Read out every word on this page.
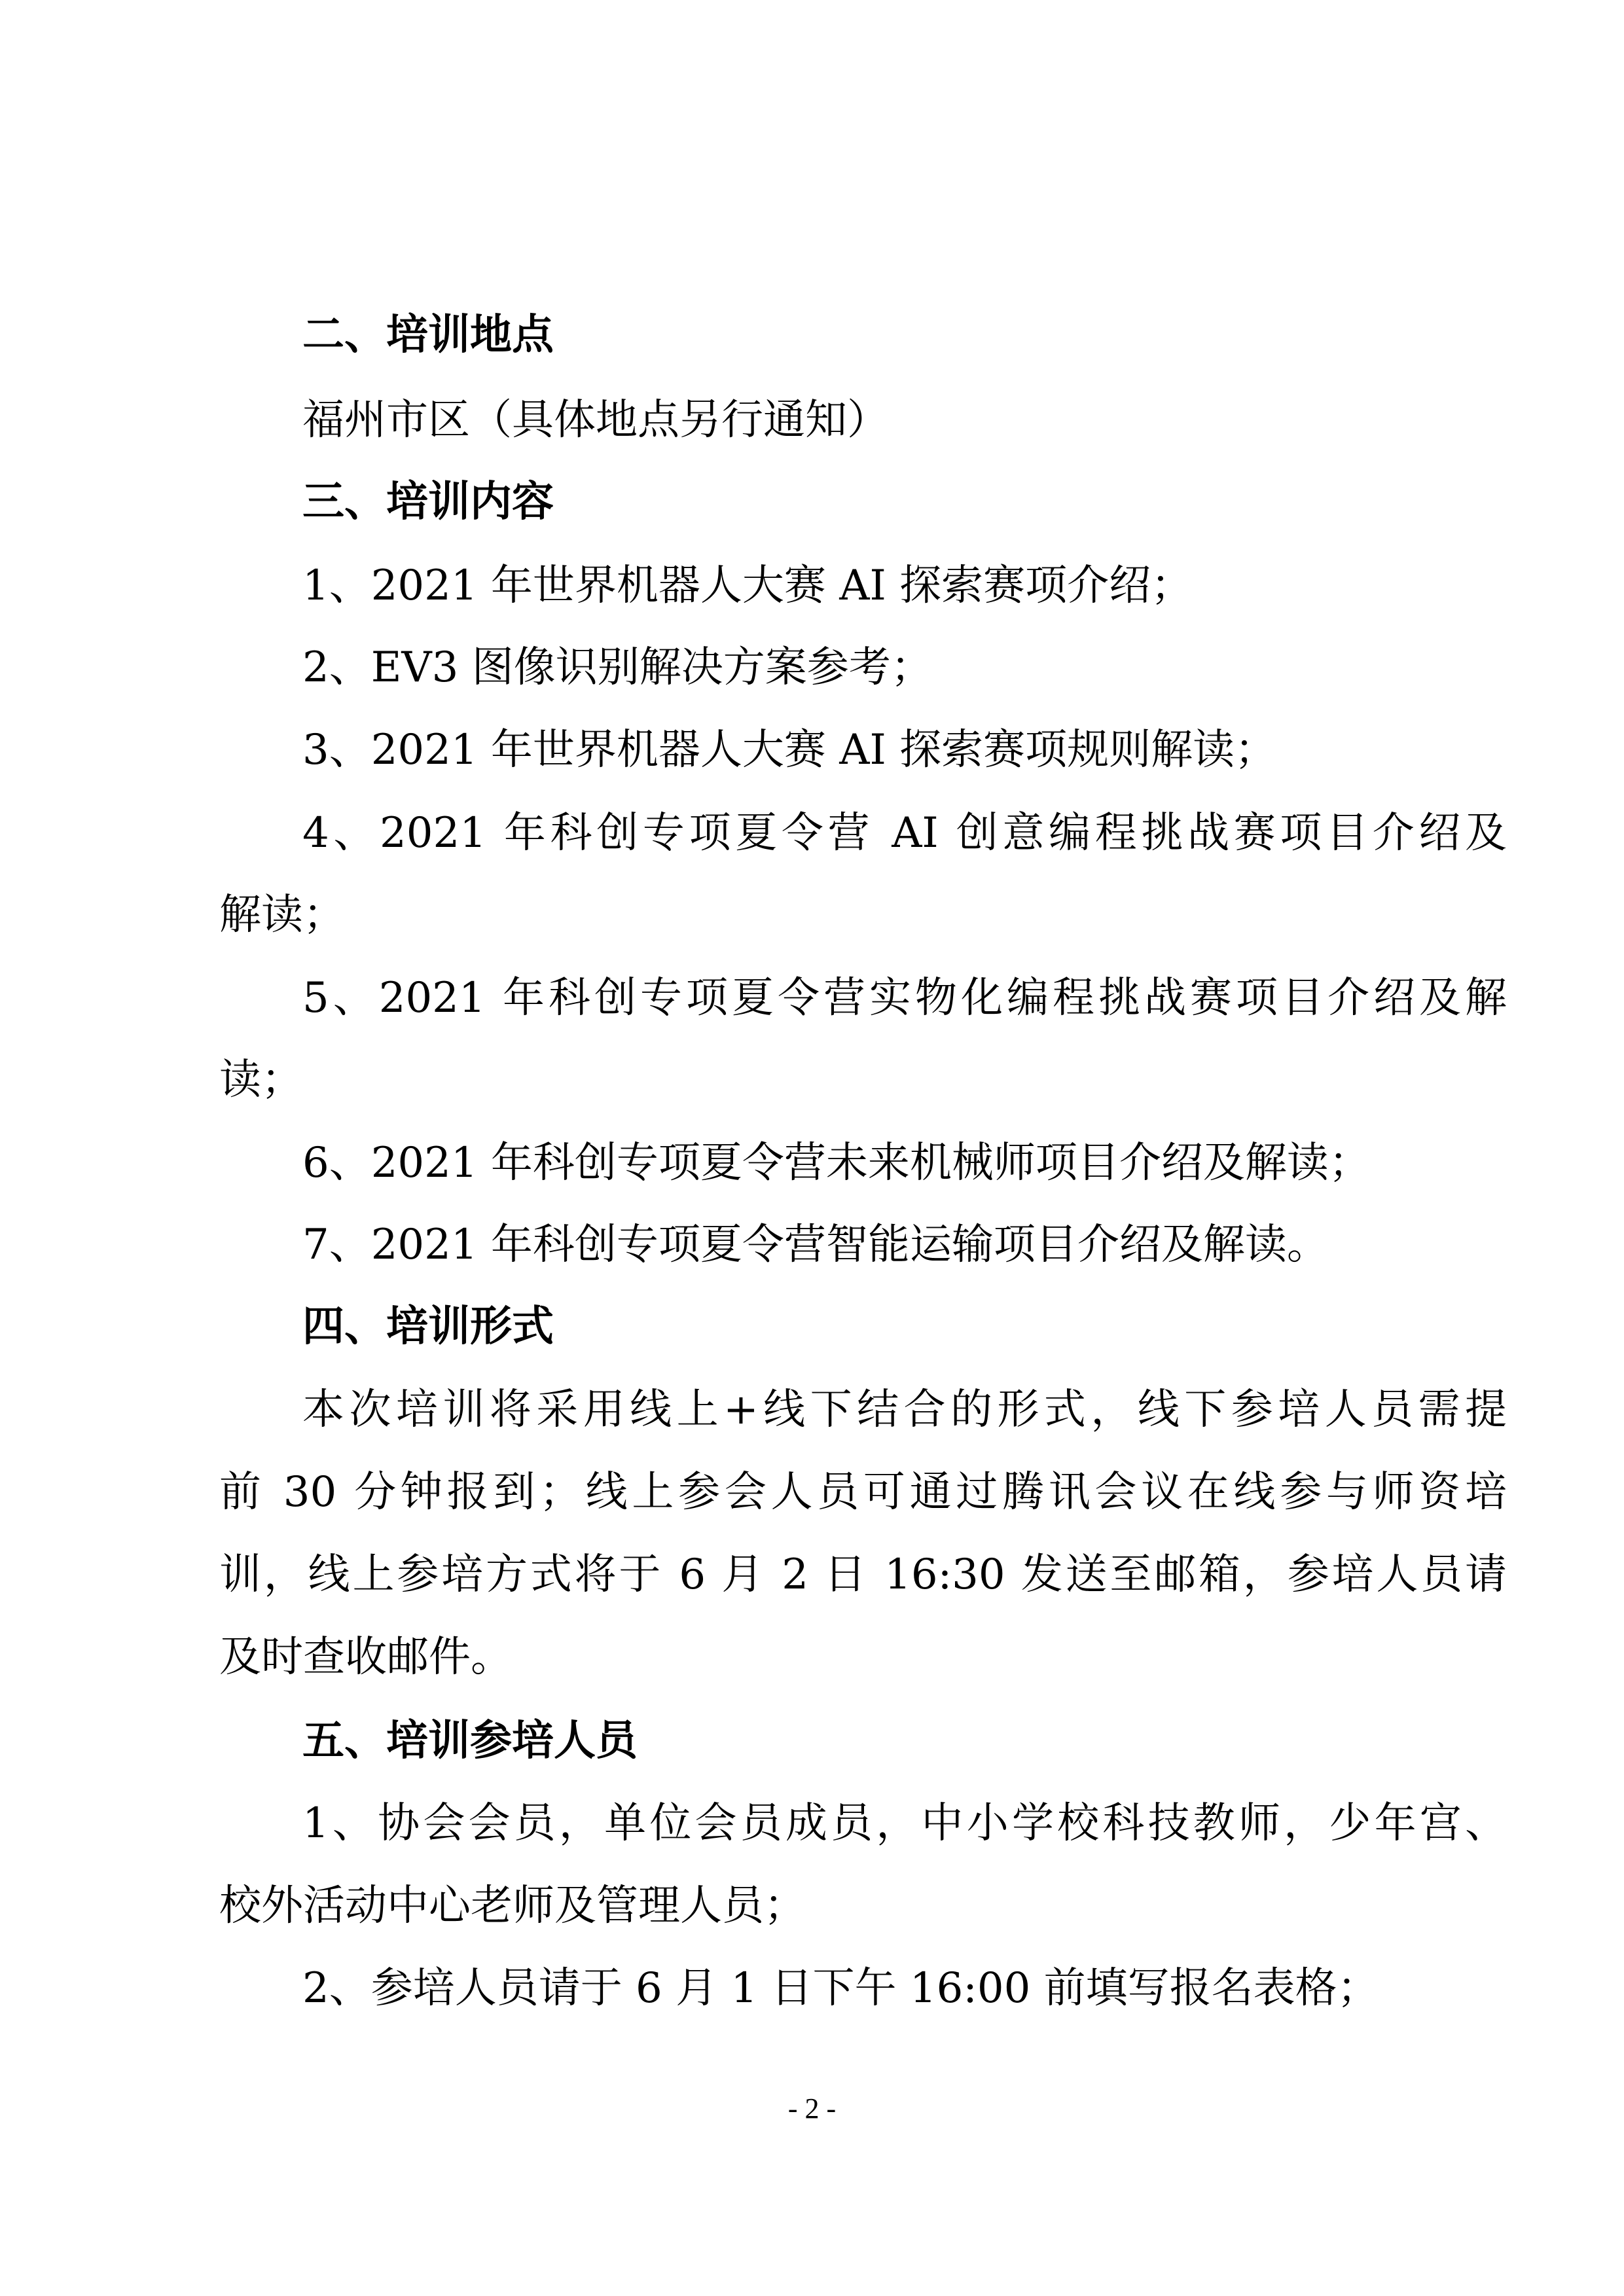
二、培训地点
福州市区（具体地点另行通知）
三、培训内容
1、2021 年世界机器人大赛 AI 探索赛项介绍；
2、EV3 图像识别解决方案参考；
3、2021 年世界机器人大赛 AI 探索赛项规则解读；
4、2021 年科创专项夏令营 AI 创意编程挑战赛项目介绍及
解读；
5、2021 年科创专项夏令营实物化编程挑战赛项目介绍及解
读；
6、2021 年科创专项夏令营未来机械师项目介绍及解读；
7、2021 年科创专项夏令营智能运输项目介绍及解读。
四、培训形式
本次培训将采用线上+线下结合的形式，线下参培人员需提
前 30 分钟报到；线上参会人员可通过腾讯会议在线参与师资培
训，线上参培方式将于 6 月 2 日 16:30 发送至邮箱，参培人员请
及时查收邮件。
五、培训参培人员
1、协会会员，单位会员成员，中小学校科技教师，少年宫、
校外活动中心老师及管理人员；
2、参培人员请于 6 月 1 日下午 16:00 前填写报名表格；
- 2 -
